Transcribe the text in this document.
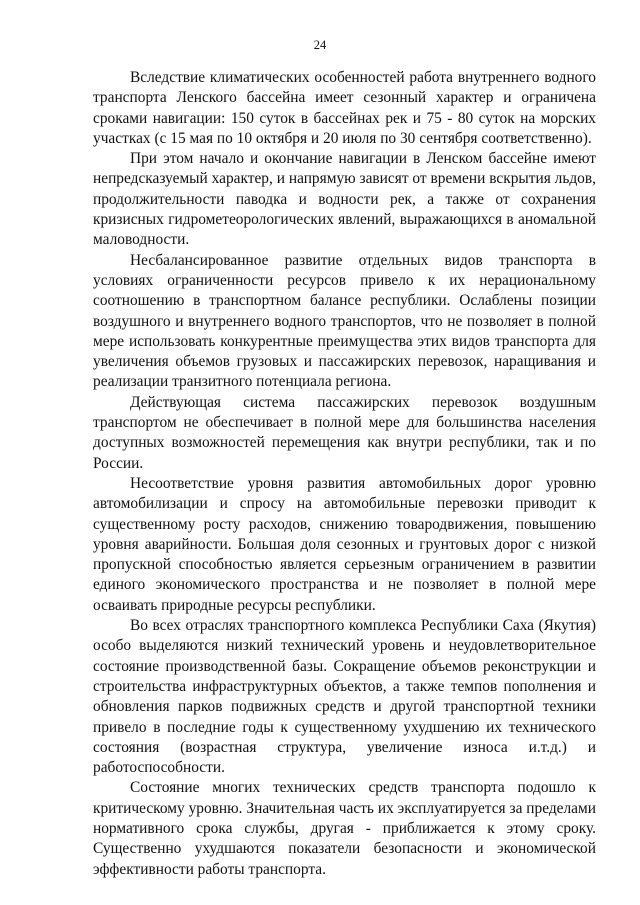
24

Вследствие климатических особенностей работа внутреннего водного транспорта Ленского бассейна имеет сезонный характер и ограничена сроками навигации: 150 суток в бассейнах рек и 75 - 80 суток на морских участках (с 15 мая по 10 октября и 20 июля по 30 сентября соответственно).

При этом начало и окончание навигации в Ленском бассейне имеют непредсказуемый характер, и напрямую зависят от времени вскрытия льдов, продолжительности паводка и водности рек, а также от сохранения кризисных гидрометеорологических явлений, выражающихся в аномальной маловодности.

Несбалансированное развитие отдельных видов транспорта в условиях ограниченности ресурсов привело к их нерациональному соотношению в транспортном балансе республики. Ослаблены позиции воздушного и внутреннего водного транспортов, что не позволяет в полной мере использовать конкурентные преимущества этих видов транспорта для увеличения объемов грузовых и пассажирских перевозок, наращивания и реализации транзитного потенциала региона.

Действующая система пассажирских перевозок воздушным транспортом не обеспечивает в полной мере для большинства населения доступных возможностей перемещения как внутри республики, так и по России.

Несоответствие уровня развития автомобильных дорог уровню автомобилизации и спросу на автомобильные перевозки приводит к существенному росту расходов, снижению товародвижения, повышению уровня аварийности. Большая доля сезонных и грунтовых дорог с низкой пропускной способностью является серьезным ограничением в развитии единого экономического пространства и не позволяет в полной мере осваивать природные ресурсы республики.

Во всех отраслях транспортного комплекса Республики Саха (Якутия) особо выделяются низкий технический уровень и неудовлетворительное состояние производственной базы. Сокращение объемов реконструкции и строительства инфраструктурных объектов, а также темпов пополнения и обновления парков подвижных средств и другой транспортной техники привело в последние годы к существенному ухудшению их технического состояния (возрастная структура, увеличение износа и.т.д.) и работоспособности.

Состояние многих технических средств транспорта подошло к критическому уровню. Значительная часть их эксплуатируется за пределами нормативного срока службы, другая - приближается к этому сроку. Существенно ухудшаются показатели безопасности и экономической эффективности работы транспорта.
